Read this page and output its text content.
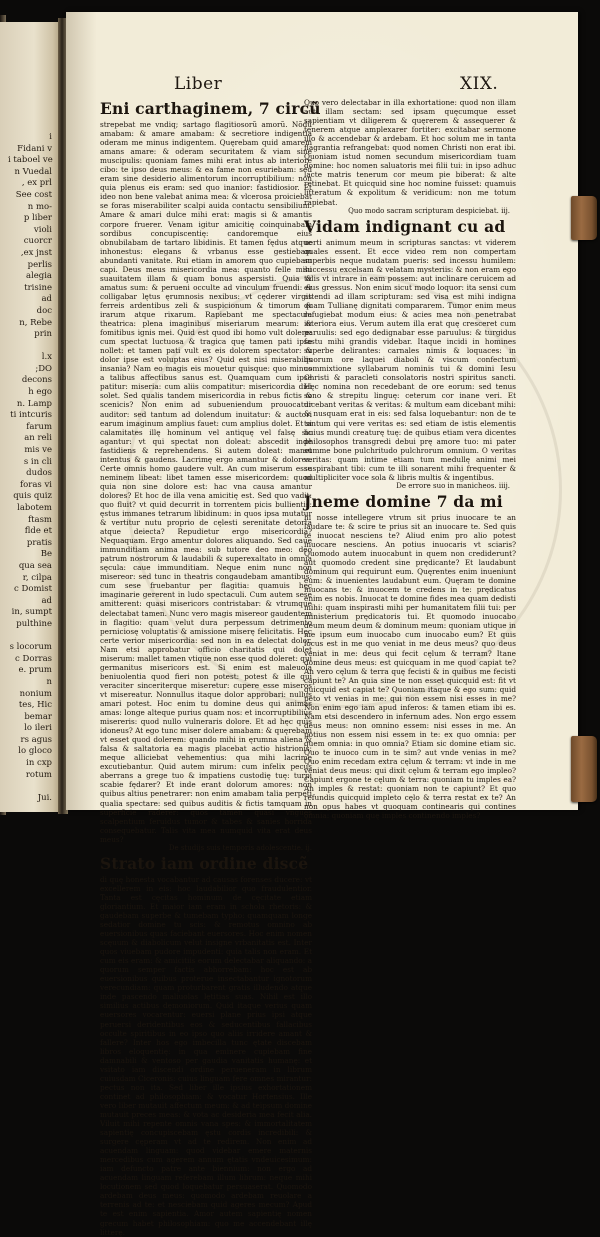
i
Fidani v
i taboel ve
n Vuedal
, ex prl
See cost
n mo-
p liber
violi
cuorcr
,ex jnst
perlis
alegia
trisine
ad
doc
n, Rebe
prin

l.x
;DO
decons
h ego
n. Lamp
ti intcuris
farum
an reli
mis ve
s in cli
dudos
foras vi
quis quiz
labotem
ftasm
flde et
pratis
Be
qua sea
r, cilpa
c Domist
ad
in, sumpt
pulthine

s locorum
c Dorras
e. prum
n
nonium
tes, Hic
bemar
lo ileri
rs agus
lo gloco
in cxp
rotum

Jui.
Liber	XIX.
Eni carthaginem, 7 circũ

strepebat me vndiq; sartago flagitiosorũ amorũ. Nõdũ amabam: & amare amabam: & secretiore indigentia oderam me minus indigentem. Quęrebam quid amarem amans amare: & oderam securitatem & viam sine muscipulis: quoniam fames mihi erat intus ab interiore cibo: te ipso deus meus: & ea fame non esuriebam: sed eram sine desiderio alimentorum incorruptibilium: non quia plenus eis eram: sed quo inanior: fastidiosior. Et ideo non bene valebat anima mea: & vlcerosa proiciebat se foras miserabiliter scalpi auida contactu sensibilium. Amare & amari dulce mihi erat: magis si & amantis corpore fruerer. Venam igitur amicitię coinquinabam sordibus concupiscentię: candoremque eius obnubilabam de tartaro libidinis. Et tamen fędus atque inhonestus: elegans & vrbanus esse gestiebam abundanti vanitate. Rui etiam in amorem quo cupiebam capi. Deus meus misericordia mea: quanto felle mihi suauitatem illam & quam bonus aspersisti. Quia & amatus sum: & perueni occulte ad vinculum fruendi: & colligabar lętus ęrumnosis nexibus: vt cęderer virgis ferreis ardentibus zeli & suspicionum & timorum & irarum atque rixarum. Rapiebant me spectacula theatrica: plena imaginibus miseriarum mearum: & fomitibus ignis mei. Quid est quod ibi homo vult dolere: cum spectat luctuosa & tragica quę tamen pati ipse nollet: et tamen pati vult ex eis dolorem spectator: & dolor ipse est voluptas eius? Quid est nisi miserabilis insania? Nam eo magis eis mouetur quisque: quo minus a talibus affectibus sanus est. Quamquam cum ipse patitur: miseria: cum aliis compatitur: misericordia dici solet. Sed qualis tandem misericordia in rebus fictis & scenicis? Non enim ad subueniendum prouocatur auditor: sed tantum ad dolendum inuitatur: & auctori earum imaginum amplius fauet: cum amplius dolet. Et si calamitates illę hominum vel antiquę vel falsę sic agantur: vt qui spectat non doleat: abscedit inde fastidiens & reprehendens. Si autem doleat: manet intentus & gaudens. Lacrimę ergo amantur & dolores. Certe omnis homo gaudere vult. An cum miserum esse neminem libeat: libet tamen esse misericordem: quod quia non sine dolore est: hac vna causa amantur dolores? Et hoc de illa vena amicitię est. Sed quo vadit: quo fluit? vt quid decurrit in torrentem picis bullientis: ęstus immanes tetrarum libidinum: in quos ipsa mutatur & vertitur nutu proprio de cęlesti serenitate detorta atque deiecta? Repudietur ergo misericordia? Nequaquam. Ergo amentur dolores aliquando. Sed caue immunditiam anima mea: sub tutore deo meo: deo patrum nostrorum & laudabili & superexaltato in omnia sęcula: caue immunditiam. Neque enim nunc non misereor: sed tunc in theatris congaudebam amantibus: cum sese fruebantur per flagitia: quamuis hęc imaginarie gererent in ludo spectaculi. Cum autem sese amitterent: quasi misericors contristabar: & vtrumque delectabat tamen. Nunc vero magis misereor gaudentem in flagitio: quam velut dura perpessum detrimento perniciosę voluptatis & amissione miserę felicitatis. Hęc certe verior misericordia: sed non in ea delectat dolor. Nam etsi approbatur officio charitatis qui dolet miserum: mallet tamen vtique non esse quod doleret: qui germanitus misericors est. Si enim est maleuola beniuolentia quod fieri non potest: potest & ille qui veraciter sinceriterque miseretur: cupere esse miseros vt misereatur. Nonnullus itaque dolor approbari: nullus amari potest. Hoc enim tu domine deus qui animas amas: longe alteque purius quam nos: et incorruptibilius misereris: quod nullo vulneraris dolore. Et ad hęc quis idoneus? At ego tunc miser dolere amabam: & quęrebam vt esset quod dolerem: quando mihi in ęrumna aliena & falsa & saltatoria ea magis placebat actio histrionis: meque alliciebat vehementius: qua mihi lacrimę excutiebantur. Quid autem mirum: cum infelix pecus aberrans a grege tuo & impatiens custodię tuę: turpi scabie fędarer? Et inde erant dolorum amores: non quibus altius penetrarer: non enim amabam talia perpeti qualia spectare: sed quibus auditis & fictis tamquam in superficie raderer: quos tamen quasi vngues scalpentium feruidus tumor & tabes & sanies horrida consequebatur. Talis vita mea numquid vita erat deus meus?

De studijs suis temporis adolescentie. ij.

Strato iam ordine discẽ

di quę honesta vocabantur ad causas forenses ducere: vt excellerem in eis: hoc laudabilior quo fraudulentior. Tanta est cęcitas hominum de cęcitate etiam gloriantium. Et maior iam eram in schola rhetoris: & gaudebam superbe & tumebam typho: quamquam longe sedatior domine tu scis: & remotus omnino ab euersionibus quas faciebant euersores. Hoc enim nomen scęuum & diabolicum velut insigne vrbanitatis est. Inter quos viuebam pudore impudenti: quia talis non eram. Et cum eis eram: & amicitiis eorum delectabar aliquando: a quorum semper factis abhorrebam: hoc est ab euersionibus quibus proterue insectabantur ignotorum verecundiam: quam proturbarent gratis illudendo atque inde pascendo maliuolas lętitias suas. Nihil est illo similius actibus dęmoniorum. Quid itaque verius quam euersores vocarentur: euersi plane prius ipsi atque peruersi deridentibus eos & seducentibus fallacibus occulte spiritibus in eo ipso quo aliis irridere amant & fallere? Inter hos ego imbecilla tunc ętate discebam libros eloquentię: in qua eminere cupiebam fine damnabili & ventoso per gaudia vanitatis humanę: et vsitato iam discendi ordine perueneram in librum cuiusdam Ciceronis: cuius linguam fere omnes mirantur: pectus non ita. Sed liber ille ipsius exhortationem continet ad philosophiam: & vocatur Hortensius. Ille vero liber mutauit affectum meum: & ad teipsum domine mutauit preces meas: & vota ac desideria mea fecit alia. Viluit mihi repente omnis vana spes: & immortalitatem sapientię concupiscebam ęstu cordis incredibili: & surgere cęperam vt ad te redirem. Non enim ad acuendam linguam: quod videbar emere maternis mercedibus cum agerem annum ętatis vndeuicesimum: iam defuncto patre ante biennium: non ergo ad acuendam linguam referebam illum librum: neque mihi locutionem sed quod loquebatur persuaserat. Quomodo ardebam deus meus: quomodo ardebam reuolare a terrenis ad te: et nesciebam quid ageres mecum? Apud te est enim sapientia. Amor autem sapientię nomen grecum habet philosophiam: quo me accendebant illę litterę.

Quo vero delectabar in illa exhortatione: quod non illam aut illam sectam: sed ipsam quęcumque esset sapientiam vt diligerem & quęrerem & assequerer & tenerem atque amplexarer fortiter: excitabar sermone illo & accendebar & ardebam. Et hoc solum me in tanta flagrantia refrangebat: quod nomen Christi non erat ibi. Quoniam istud nomen secundum misericordiam tuam domine: hoc nomen saluatoris mei filii tui: in ipso adhuc lacte matris tenerum cor meum pie biberat: & alte retinebat. Et quicquid sine hoc nomine fuisset: quamuis litteratum & expolitum & veridicum: non me totum rapiebat.

Quo modo sacram scripturam despiciebat. iij.

Vidam indignant cu ad

uerti animum meum in scripturas sanctas: vt viderem quales essent. Et ecce video rem non compertam superbis neque nudatam pueris: sed incessu humilem: successu excelsam & velatam mysteriis: & non eram ego talis vt intrare in eam possem: aut inclinare ceruicem ad eius gressus. Non enim sicut modo loquor: ita sensi cum attendi ad illam scripturam: sed visa est mihi indigna quam Tullianę dignitati compararem. Tumor enim meus refugiebat modum eius: & acies mea non penetrabat interiora eius. Verum autem illa erat quę cresceret cum paruulis: sed ego dedignabar esse paruulus: & turgidus fastu mihi grandis videbar. Itaque incidi in homines superbe delirantes: carnales nimis & loquaces: in quorum ore laquei diaboli & viscum confectum commixtione syllabarum nominis tui & domini Iesu Christi & paracleti consolatoris nostri spiritus sancti. Hęc nomina non recedebant de ore eorum: sed tenus sono & strepitu linguę: ceterum cor inane veri. Et dicebant veritas & veritas: & multum eam dicebant mihi: & nusquam erat in eis: sed falsa loquebantur: non de te tantum qui vere veritas es: sed etiam de istis elementis huius mundi creaturę tuę: de quibus etiam vera dicentes philosophos transgredi debui prę amore tuo: mi pater summe bone pulchritudo pulchrorum omnium. O veritas veritas: quam intime etiam tum medullę animi mei suspirabant tibi: cum te illi sonarent mihi frequenter & multipliciter voce sola & libris multis & ingentibus.

De errore suo in manicheos. iiij.

Jneme domine 7 da mi

hi nosse intellegere vtrum sit prius inuocare te an laudare te: & scire te prius sit an inuocare te. Sed quis te inuocat nesciens te? Aliud enim pro alio potest inuocare nesciens. An potius inuocaris vt sciaris? Quomodo autem inuocabunt in quem non crediderunt? aut quomodo credent sine prędicante? Et laudabunt dominum qui requirunt eum. Quęrentes enim inueniunt eum: & inuenientes laudabunt eum. Quęram te domine inuocans te: & inuocem te credens in te: prędicatus enim es nobis. Inuocat te domine fides mea quam dedisti mihi: quam inspirasti mihi per humanitatem filii tui: per ministerium prędicatoris tui. Et quomodo inuocabo deum meum deum & dominum meum: quoniam utique in me ipsum eum inuocabo cum inuocabo eum? Et quis locus est in me quo veniat in me deus meus? quo deus veniat in me: deus qui fecit cęlum & terram? Itane domine deus meus: est quicquam in me quod capiat te? An vero cęlum & terra quę fecisti & in quibus me fecisti capiunt te? An quia sine te non esset quicquid est: fit vt quicquid est capiat te? Quoniam itaque & ego sum: quid peto vt venias in me: qui non essem nisi esses in me? Non enim ego iam apud inferos: & tamen etiam ibi es. Nam etsi descendero in infernum ades. Non ergo essem deus meus: non omnino essem: nisi esses in me. An potius non essem nisi essem in te: ex quo omnia: per quem omnia: in quo omnia? Etiam sic domine etiam sic. Quo te inuoco cum in te sim? aut vnde venias in me? Quo enim recedam extra cęlum & terram: vt inde in me veniat deus meus: qui dixit cęlum & terram ego impleo? Capiunt ergone te cęlum & terra: quoniam tu imples ea? An imples & restat: quoniam non te capiunt? Et quo refundis quicquid impleto cęlo & terra restat ex te? An non opus habes vt quoquam continearis qui contines omnia: quoniam quę imples continendo imples?
